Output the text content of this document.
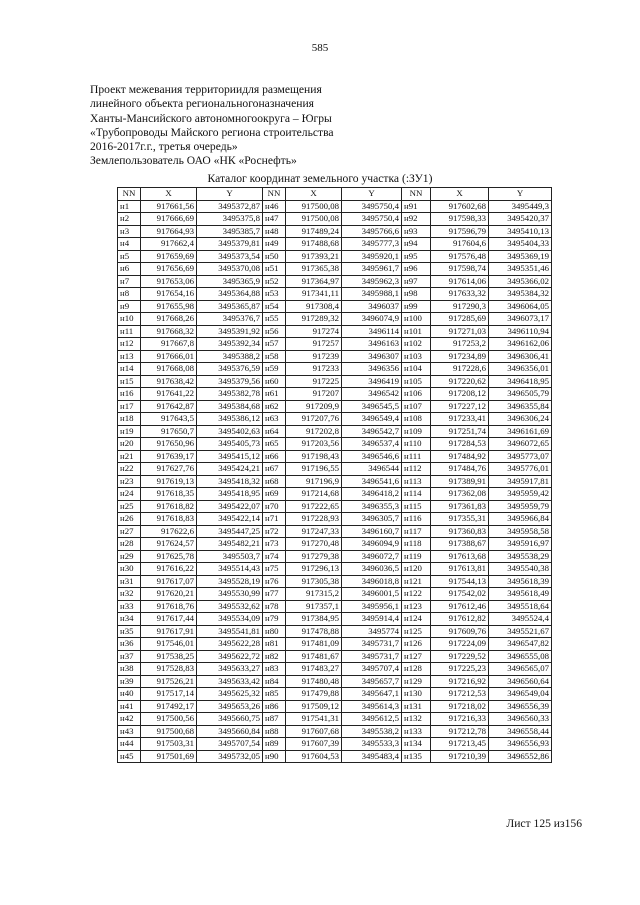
585
Проект межевания территориидля размещения
линейного объекта региональногоназначения
Ханты-Мансийского автономногоокруга – Югры
«Трубопроводы Майского региона строительства
2016-2017г.г., третья очередь»
Землепользователь ОАО «НК «Роснефть»
Каталог координат земельного участка (:ЗУ1)
NN	X	Y	NN	X	Y	NN	X	Y
н1	917661,56	3495372,87	н46	917500,08	3495750,4	н91	917602,68	3495449,3
н2	917666,69	3495375,8	н47	917500,08	3495750,4	н92	917598,33	3495420,37
н3	917664,93	3495385,7	н48	917489,24	3495766,6	н93	917596,79	3495410,13
н4	917662,4	3495379,81	н49	917488,68	3495777,3	н94	917604,6	3495404,33
н5	917659,69	3495373,54	н50	917393,21	3495920,1	н95	917576,48	3495369,19
н6	917656,69	3495370,08	н51	917365,38	3495961,7	н96	917598,74	3495351,46
н7	917653,06	3495365,9	н52	917364,97	3495962,3	н97	917614,06	3495366,02
н8	917654,16	3495364,88	н53	917341,11	3495988,1	н98	917633,32	3495384,32
н9	917655,98	3495365,87	н54	917308,4	3496037	н99	917290,3	3496064,05
н10	917668,26	3495376,7	н55	917289,32	3496074,9	н100	917285,69	3496073,17
н11	917668,32	3495391,92	н56	917274	3496114	н101	917271,03	3496110,94
н12	917667,8	3495392,34	н57	917257	3496163	н102	917253,2	3496162,06
н13	917666,01	3495388,2	н58	917239	3496307	н103	917234,89	3496306,41
н14	917668,08	3495376,59	н59	917233	3496356	н104	917228,6	3496356,01
н15	917638,42	3495379,56	н60	917225	3496419	н105	917220,62	3496418,95
н16	917641,22	3495382,78	н61	917207	3496542	н106	917208,12	3496505,79
н17	917642,87	3495384,68	н62	917209,9	3496545,5	н107	917227,12	3496355,84
н18	917643,5	3495386,12	н63	917207,76	3496549,4	н108	917233,41	3496306,24
н19	917650,7	3495402,63	н64	917202,8	3496542,7	н109	917251,74	3496161,69
н20	917650,96	3495405,73	н65	917203,56	3496537,4	н110	917284,53	3496072,65
н21	917639,17	3495415,12	н66	917198,43	3496546,6	н111	917484,92	3495773,07
н22	917627,76	3495424,21	н67	917196,55	3496544	н112	917484,76	3495776,01
н23	917619,13	3495418,32	н68	917196,9	3496541,6	н113	917389,91	3495917,81
н24	917618,35	3495418,95	н69	917214,68	3496418,2	н114	917362,08	3495959,42
н25	917618,82	3495422,07	н70	917222,65	3496355,3	н115	917361,83	3495959,79
н26	917618,83	3495422,14	н71	917228,93	3496305,7	н116	917355,31	3495966,84
н27	917622,6	3495447,25	н72	917247,33	3496160,7	н117	917360,83	3495958,58
н28	917624,57	3495482,21	н73	917270,48	3496094,9	н118	917388,67	3495916,97
н29	917625,78	3495503,7	н74	917279,38	3496072,7	н119	917613,68	3495538,29
н30	917616,22	3495514,43	н75	917296,13	3496036,5	н120	917613,81	3495540,38
н31	917617,07	3495528,19	н76	917305,38	3496018,8	н121	917544,13	3495618,39
н32	917620,21	3495530,99	н77	917315,2	3496001,5	н122	917542,02	3495618,49
н33	917618,76	3495532,62	н78	917357,1	3495956,1	н123	917612,46	3495518,64
н34	917617,44	3495534,09	н79	917384,95	3495914,4	н124	917612,82	3495524,4
н35	917617,91	3495541,81	н80	917478,88	3495774	н125	917609,76	3495521,67
н36	917546,01	3495622,28	н81	917481,09	3495731,7	н126	917224,09	3496547,82
н37	917538,25	3495622,72	н82	917481,67	3495731,7	н127	917229,52	3496555,08
н38	917528,83	3495633,27	н83	917483,27	3495707,4	н128	917225,23	3496565,07
н39	917526,21	3495633,42	н84	917480,48	3495657,7	н129	917216,92	3496560,64
н40	917517,14	3495625,32	н85	917479,88	3495647,1	н130	917212,53	3496549,04
н41	917492,17	3495653,26	н86	917509,12	3495614,3	н131	917218,02	3496556,39
н42	917500,56	3495660,75	н87	917541,31	3495612,5	н132	917216,33	3496560,33
н43	917500,68	3495660,84	н88	917607,68	3495538,2	н133	917212,78	3496558,44
н44	917503,31	3495707,54	н89	917607,39	3495533,3	н134	917213,45	3496556,93
н45	917501,69	3495732,05	н90	917604,53	3495483,4	н135	917210,39	3496552,86
Лист 125 из156
